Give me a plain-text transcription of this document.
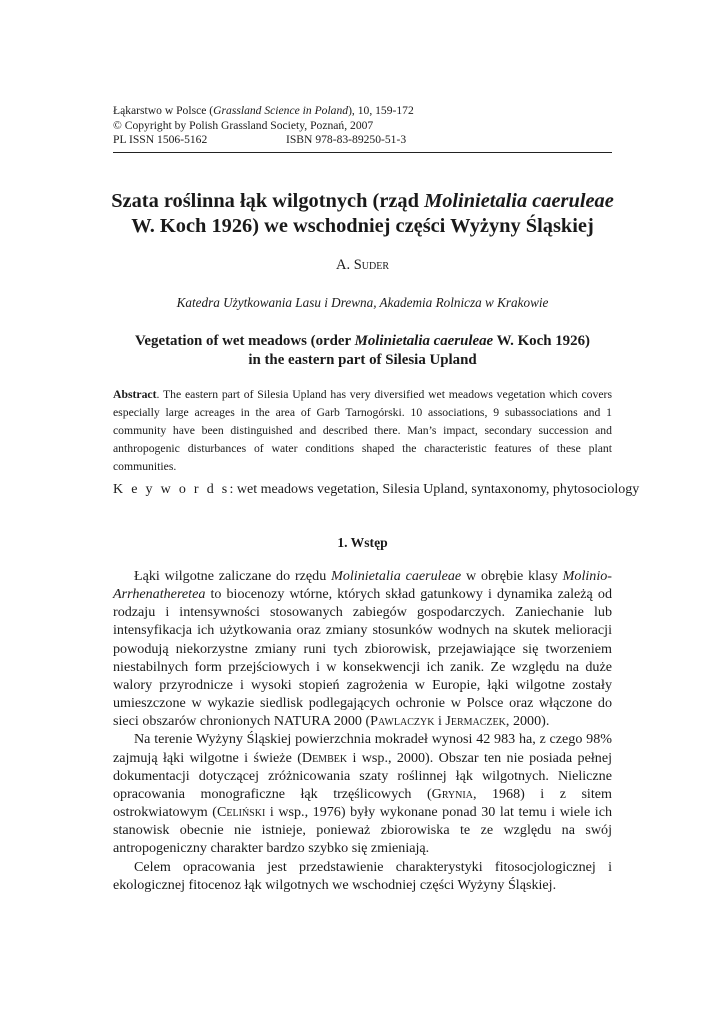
Łąkarstwo w Polsce (Grassland Science in Poland), 10, 159-172
© Copyright by Polish Grassland Society, Poznań, 2007
PL ISSN 1506-5162	ISBN 978-83-89250-51-3
Szata roślinna łąk wilgotnych (rząd Molinietalia caeruleae
W. Koch 1926) we wschodniej części Wyżyny Śląskiej
A. Suder
Katedra Użytkowania Lasu i Drewna, Akademia Rolnicza w Krakowie
Vegetation of wet meadows (order Molinietalia caeruleae W. Koch 1926)
in the eastern part of Silesia Upland
Abstract. The eastern part of Silesia Upland has very diversified wet meadows vegetation which covers especially large acreages in the area of Garb Tarnogórski. 10 associations, 9 subassociations and 1 community have been distinguished and described there. Man’s impact, secondary succession and anthropogenic disturbances of water conditions shaped the characteristic features of these plant communities.
K e y w o r d s: wet meadows vegetation, Silesia Upland, syntaxonomy, phytosociology
1. Wstęp

Łąki wilgotne zaliczane do rzędu Molinietalia caeruleae w obrębie klasy Molinio-Arrhenatheretea to biocenozy wtórne, których skład gatunkowy i dynamika zależą od rodzaju i intensywności stosowanych zabiegów gospodarczych. Zaniechanie lub intensyfikacja ich użytkowania oraz zmiany stosunków wodnych na skutek melioracji powodują niekorzystne zmiany runi tych zbiorowisk, przejawiające się tworzeniem niestabilnych form przejściowych i w konsekwencji ich zanik. Ze względu na duże walory przyrodnicze i wysoki stopień zagrożenia w Europie, łąki wilgotne zostały umieszczone w wykazie siedlisk podlegających ochronie w Polsce oraz włączone do sieci obszarów chronionych NATURA 2000 (Pawlaczyk i Jermaczek, 2000).

Na terenie Wyżyny Śląskiej powierzchnia mokradeł wynosi 42 983 ha, z czego 98% zajmują łąki wilgotne i świeże (Dembek i wsp., 2000). Obszar ten nie posiada pełnej dokumentacji dotyczącej zróżnicowania szaty roślinnej łąk wilgotnych. Nieliczne opracowania monograficzne łąk trzęślicowych (Grynia, 1968) i z sitem ostrokwiatowym (Celiński i wsp., 1976) były wykonane ponad 30 lat temu i wiele ich stanowisk obecnie nie istnieje, ponieważ zbiorowiska te ze względu na swój antropogeniczny charakter bardzo szybko się zmieniają.

Celem opracowania jest przedstawienie charakterystyki fitosocjologicznej i ekologicznej fitocenoz łąk wilgotnych we wschodniej części Wyżyny Śląskiej.
